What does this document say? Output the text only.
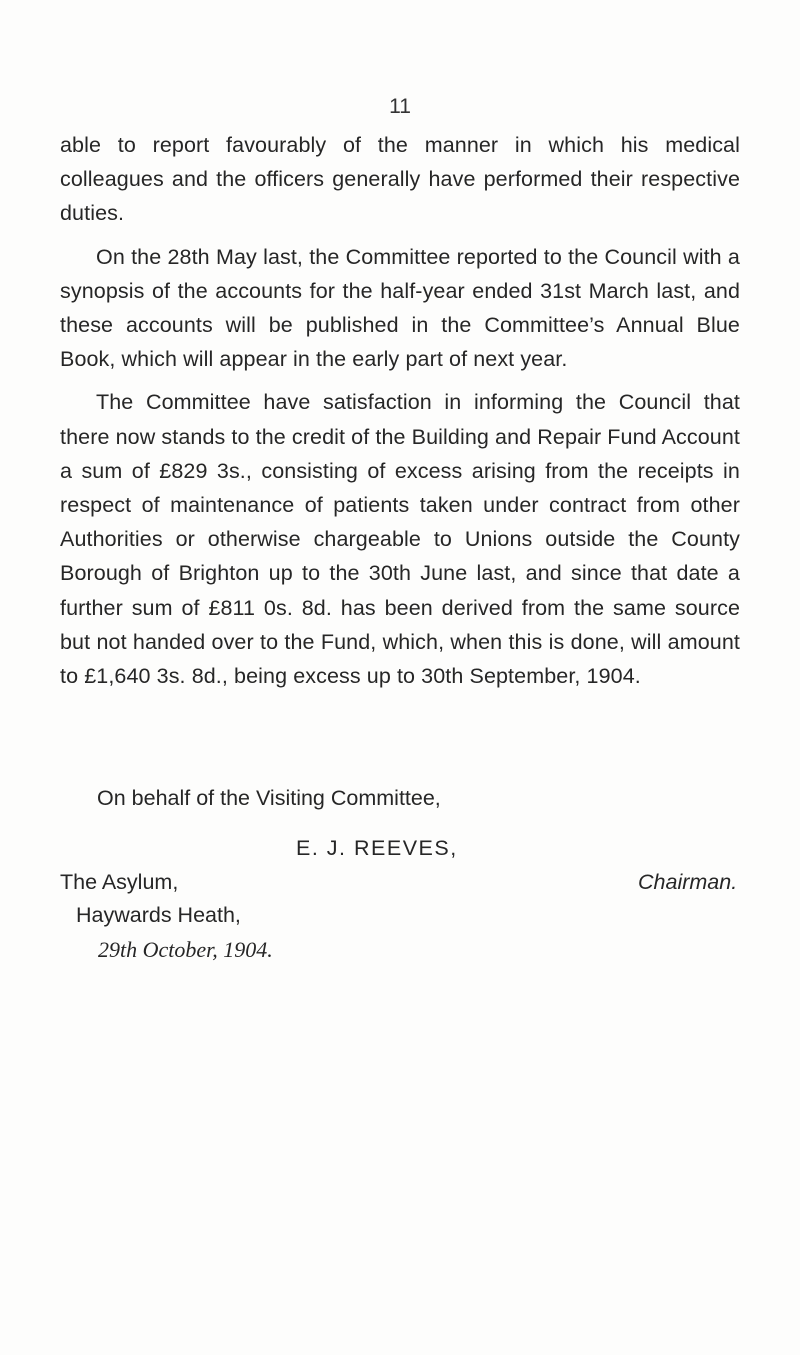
11

able to report favourably of the manner in which his medical colleagues and the officers generally have performed their respective duties.

On the 28th May last, the Committee reported to the Council with a synopsis of the accounts for the half-year ended 31st March last, and these accounts will be published in the Committee’s Annual Blue Book, which will appear in the early part of next year.

The Committee have satisfaction in informing the Council that there now stands to the credit of the Building and Repair Fund Account a sum of £829 3s., consisting of excess arising from the receipts in respect of maintenance of patients taken under contract from other Authorities or otherwise chargeable to Unions outside the County Borough of Brighton up to the 30th June last, and since that date a further sum of £811 0s. 8d. has been derived from the same source but not handed over to the Fund, which, when this is done, will amount to £1,640 3s. 8d., being excess up to 30th September, 1904.

On behalf of the Visiting Committee,
E. J. REEVES,
Chairman.
The Asylum,
Haywards Heath,
29th October, 1904.
